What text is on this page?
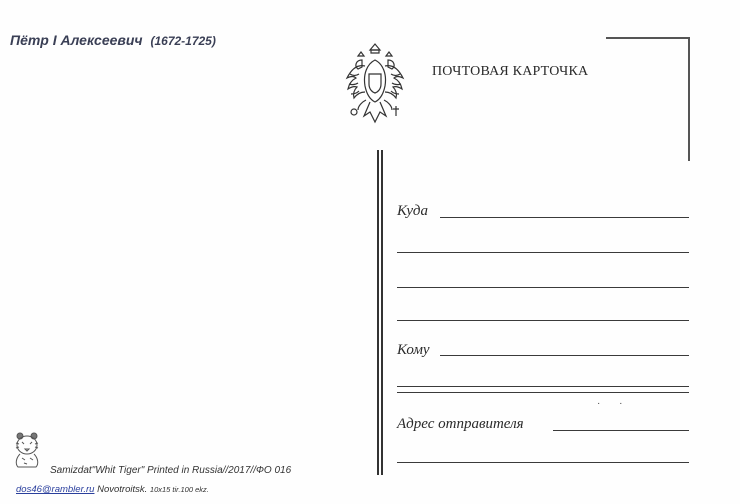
Пётр I Алексеевич (1672-1725)
ПОЧТОВАЯ КАРТОЧКА
Куда
Кому
· ·
Адрес отправителя
Samizdat"Whit Tiger" Printed in Russia//2017//ФО 016
dos46@rambler.ru Novotroitsk. 10x15 tir.100 ekz.
